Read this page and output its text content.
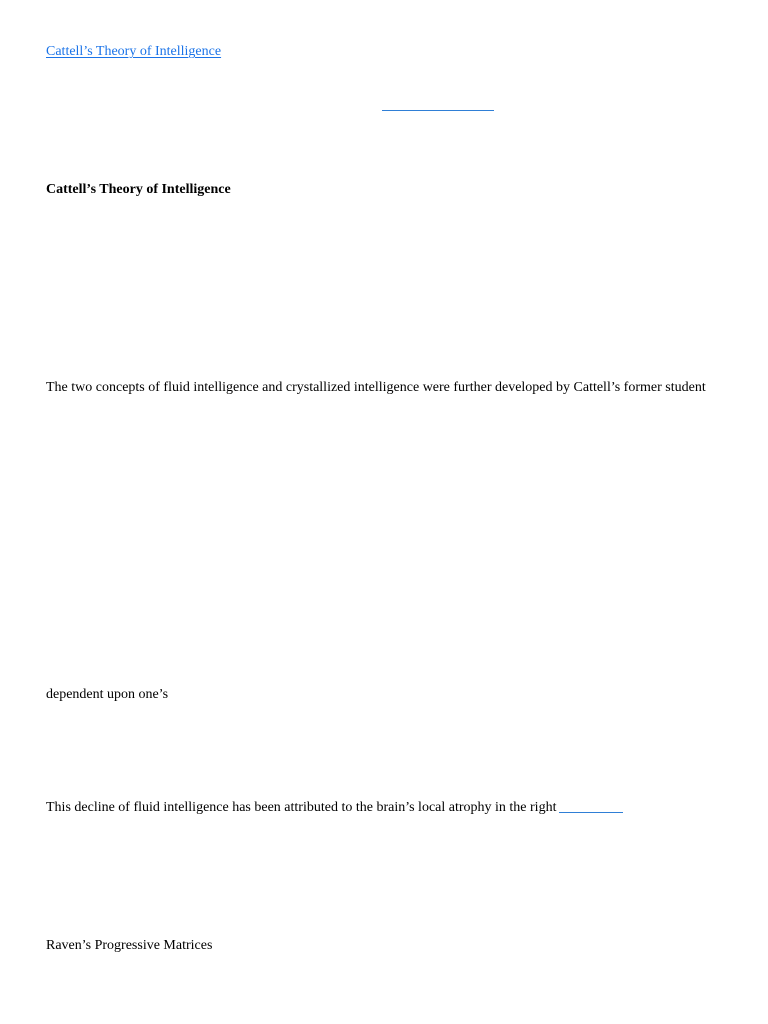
Cattell’s Theory of Intelligence
Cattell’s Theory of Intelligence
The two concepts of fluid intelligence and crystallized intelligence were further developed by Cattell’s former student
dependent upon one’s
This decline of fluid intelligence has been attributed to the brain’s local atrophy in the right
Raven’s Progressive Matrices
